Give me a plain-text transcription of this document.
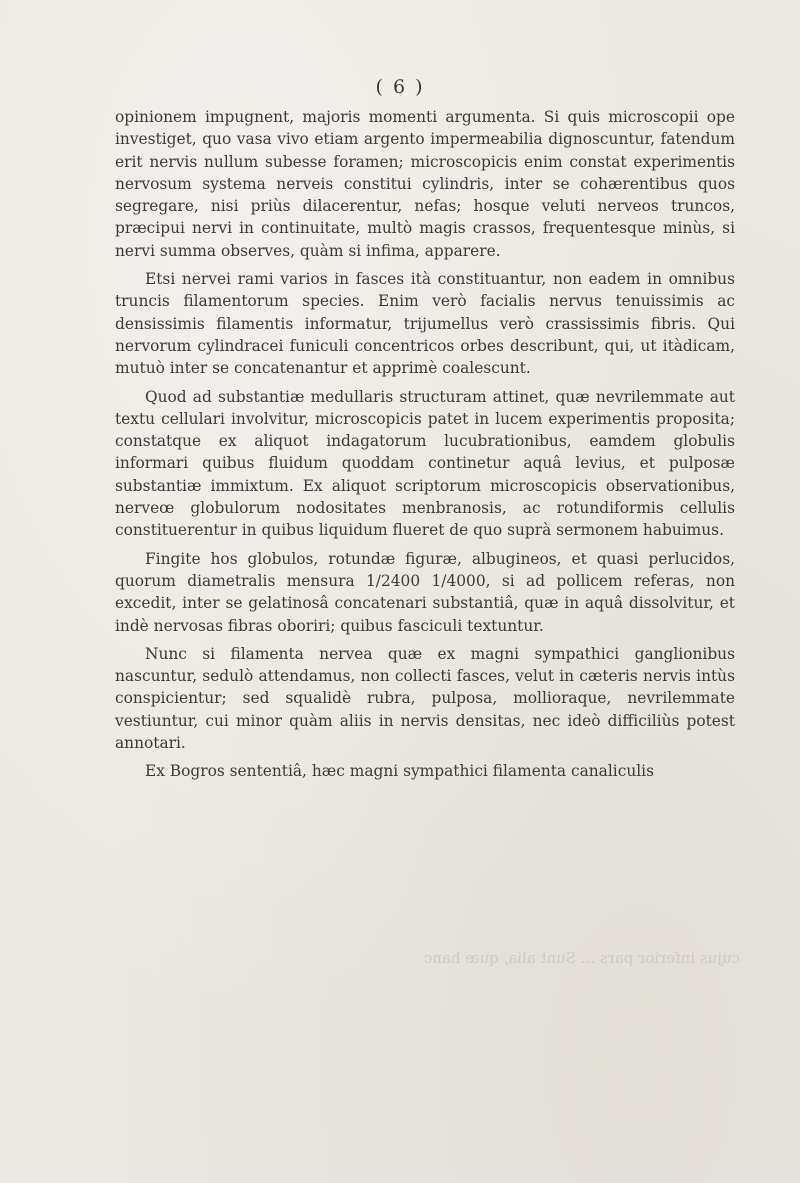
( 6 )

opinionem impugnent, majoris momenti argumenta. Si quis microscopii ope investiget, quo vasa vivo etiam argento impermeabilia dignoscuntur, fatendum erit nervis nullum subesse foramen; microscopicis enim constat experimentis nervosum systema nerveis constitui cylindris, inter se cohærentibus quos segregare, nisi priùs dilacerentur, nefas; hosque veluti nerveos truncos, præcipui nervi in continuitate, multò magis crassos, frequentesque minùs, si nervi summa observes, quàm si infima, apparere.

Etsi nervei rami varios in fasces ità constituantur, non eadem in omnibus truncis filamentorum species. Enim verò facialis nervus tenuissimis ac densissimis filamentis informatur, trijumellus verò crassissimis fibris. Qui nervorum cylindracei funiculi concentricos orbes describunt, qui, ut itàdicam, mutuò inter se concatenantur et apprimè coalescunt.

Quod ad substantiæ medullaris structuram attinet, quæ nevrilemmate aut textu cellulari involvitur, microscopicis patet in lucem experimentis proposita; constatque ex aliquot indagatorum lucubrationibus, eamdem globulis informari quibus fluidum quoddam continetur aquâ levius, et pulposæ substantiæ immixtum. Ex aliquot scriptorum microscopicis observationibus, nerveœ globulorum nodositates menbranosis, ac rotundiformis cellulis constituerentur in quibus liquidum flueret de quo suprà sermonem habuimus.

Fingite hos globulos, rotundæ figuræ, albugineos, et quasi perlucidos, quorum diametralis mensura 1/2400 1/4000, si ad pollicem referas, non excedit, inter se gelatinosâ concatenari substantiâ, quæ in aquâ dissolvitur, et indè nervosas fibras oboriri; quibus fasciculi textuntur.

Nunc si filamenta nervea quæ ex magni sympathici ganglionibus nascuntur, sedulò attendamus, non collecti fasces, velut in cæteris nervis intùs conspicientur; sed squalidè rubra, pulposa, mollioraque, nevrilemmate vestiuntur, cui minor quàm aliis in nervis densitas, nec ideò difficiliùs potest annotari.

Ex Bogros sententiâ, hæc magni sympathici filamenta canaliculis

cujus inferior pars ... Sunt alia, quæ hanc
